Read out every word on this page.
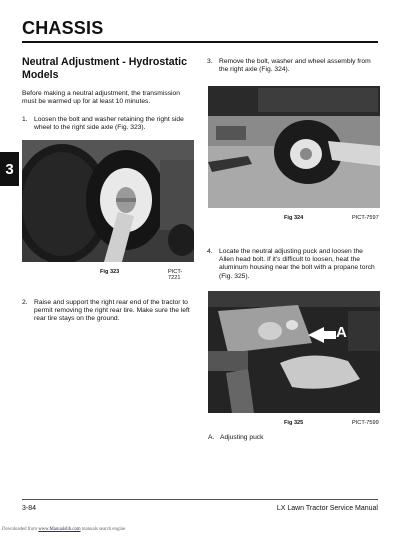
CHASSIS
3
Neutral Adjustment - Hydrostatic Models
Before making a neutral adjustment, the transmission must be warmed up for at least 10 minutes.
1. Loosen the bolt and washer retaining the right side wheel to the right side axle (Fig. 323).
Fig 323	PICT-7221
2. Raise and support the right rear end of the tractor to permit removing the right rear tire. Make sure the left rear tire stays on the ground.
3. Remove the bolt, washer and wheel assembly from the right axle (Fig. 324).
Fig 324	PICT-7597
4. Locate the neutral adjusting puck and loosen the Allen head bolt. If it's difficult to loosen, heat the aluminum housing near the bolt with a propane torch (Fig. 325).
A
Fig 325	PICT-7599
A. Adjusting puck
3-84	LX Lawn Tractor Service Manual
Downloaded from www.Manualslib.com manuals search engine
